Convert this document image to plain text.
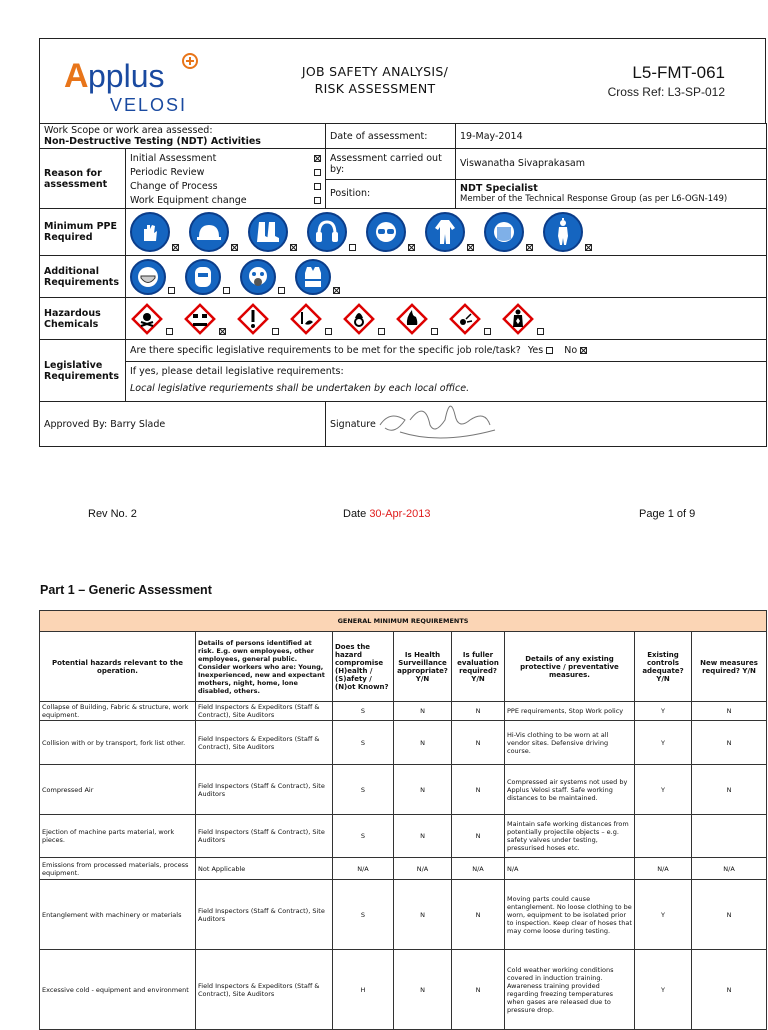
A pplus
VELOSI
JOB SAFETY ANALYSIS/
RISK ASSESSMENT
L5-FMT-061
Cross Ref: L3-SP-012
Work Scope or work area assessed:
Non-Destructive Testing (NDT) Activities		Date of assessment:	19-May-2014
Reason for assessment	Initial Assessment
Periodic Review
Change of Process
Work Equipment change	Assessment carried out by:	Viswanatha Sivaprakasam
		Position:	NDT Specialist
Member of the Technical Response Group (as per L6-OGN-149)

Minimum PPE Required	

Additional Requirements	

Hazardous Chemicals	

Legislative Requirements	Are there specific legislative requirements to be met for the specific job role/task? Yes No		

	If yes, please detail legislative requirements:
Local legislative requriements shall be undertaken by each local office.		

Approved By: Barry Slade		Signature	
Rev No. 2	Date 30-Apr-2013	Page 1 of 9
Part 1 – Generic Assessment
GENERAL MINIMUM REQUIREMENTS							
Potential hazards relevant to the operation.	Details of persons identified at risk. E.g. own employees, other employees, general public. Consider workers who are: Young, Inexperienced, new and expectant mothers, night, home, lone disabled, others.	Does the hazard compromise (H)ealth / (S)afety / (N)ot Known?	Is Health Surveillance appropriate? Y/N	Is fuller evaluation required? Y/N	Details of any existing protective / preventative measures.	Existing controls adequate? Y/N	New measures required? Y/N
Collapse of Building, Fabric & structure, work equipment.	Field Inspectors & Expeditors (Staff & Contract), Site Auditors	S	N	N	PPE requirements, Stop Work policy	Y	N
Collision with or by transport, fork list other.	Field Inspectors & Expeditors (Staff & Contract), Site Auditors	S	N	N	Hi-Vis clothing to be worn at all vendor sites. Defensive driving course.	Y	N
Compressed Air	Field Inspectors (Staff & Contract), Site Auditors	S	N	N	Compressed air systems not used by Applus Velosi staff. Safe working distances to be maintained.	Y	N
Ejection of machine parts material, work pieces.	Field Inspectors (Staff & Contract), Site Auditors	S	N	N	Maintain safe working distances from potentially projectile objects – e.g. safety valves under testing, pressurised hoses etc.		
Emissions from processed materials, process equipment.	Not Applicable	N/A	N/A	N/A	N/A	N/A	N/A
Entanglement with machinery or materials	Field Inspectors (Staff & Contract), Site Auditors	S	N	N	Moving parts could cause entanglement. No loose clothing to be worn, equipment to be isolated prior to inspection. Keep clear of hoses that may come loose during testing.	Y	N
Excessive cold - equipment and environment	Field Inspectors & Expeditors (Staff & Contract), Site Auditors	H	N	N	Cold weather working conditions covered in induction training. Awareness training provided regarding freezing temperatures when gases are released due to pressure drop.	Y	N
